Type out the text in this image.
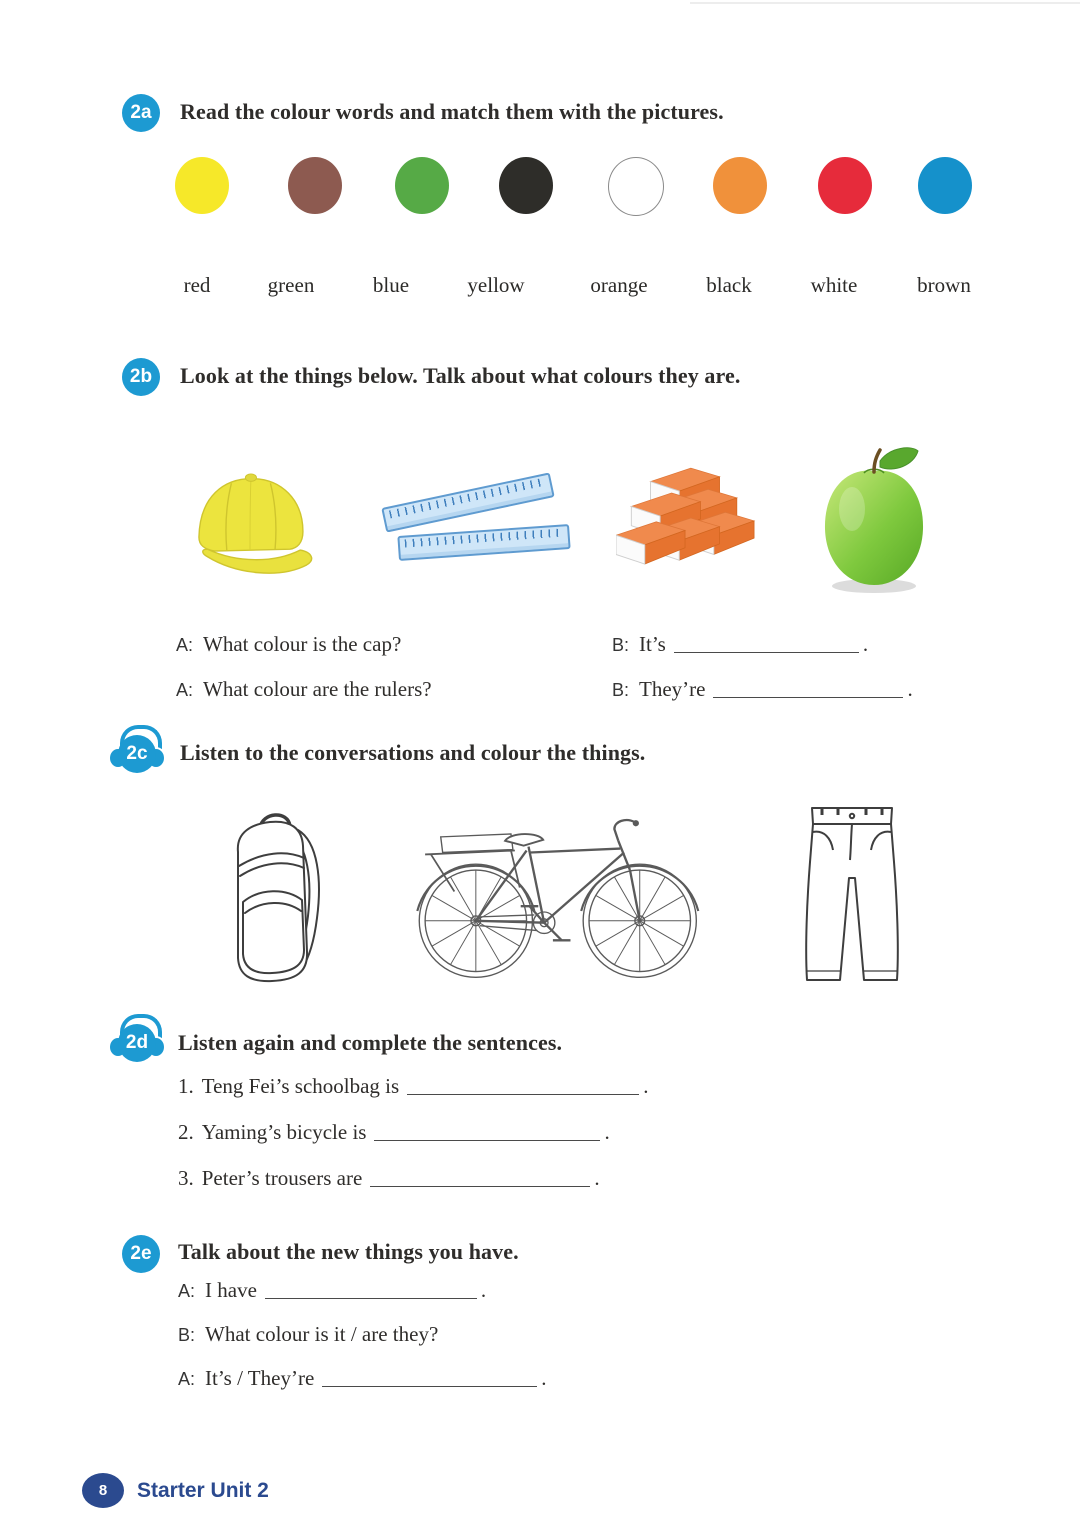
2a	Read the colour words and match them with the pictures.
red	green	blue	yellow	orange	black	white	brown
2b	Look at the things below. Talk about what colours they are.
A: What colour is the cap?	B: It’s	.
A: What colour are the rulers?	B: They’re	.
2c	Listen to the conversations and colour the things.
2d	Listen again and complete the sentences.
1. Teng Fei’s schoolbag is	.
2. Yaming’s bicycle is	.
3. Peter’s trousers are	.
2e	Talk about the new things you have.
A: I have	.
B: What colour is it / are they?
A: It’s / They’re	.
8	Starter Unit 2
